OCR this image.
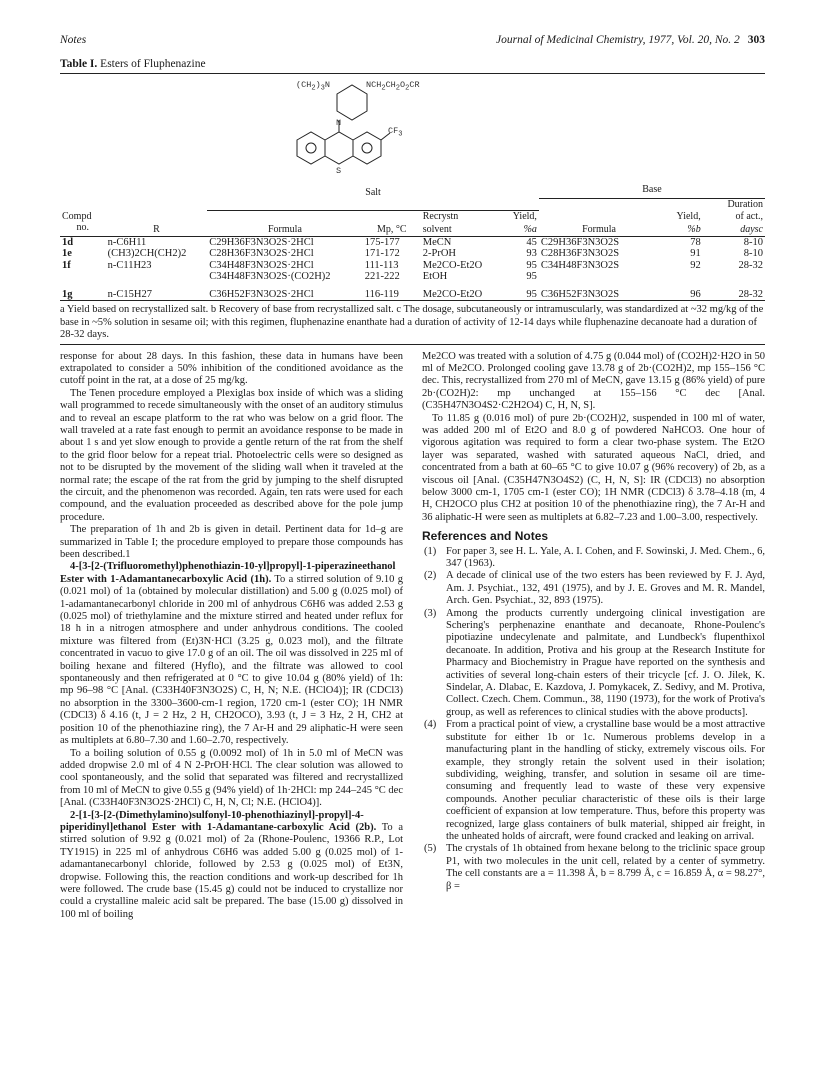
Notes	Journal of Medicinal Chemistry, 1977, Vol. 20, No. 2 303
Table I. Esters of Fluphenazine
$(CH_2)_3N$	$NCH_2CH_2O_2CR$
$CF_3$
N
S
		Salt				Base		
								Duration
Compd				Recrystn	Yield,		Yield,	of act.,
no.	R	Formula	Mp, °C	solvent	%a	Formula	%b	daysc
1d	n-C6H11	C29H36F3N3O2S·2HCl	175-177	MeCN	45	C29H36F3N3O2S	78	8-10
1e	(CH3)2CH(CH2)2	C28H36F3N3O2S·2HCl	171-172	2-PrOH	93	C28H36F3N3O2S	91	8-10
1f	n-C11H23	C34H48F3N3O2S·2HCl	111-113	Me2CO-Et2O	95	C34H48F3N3O2S	92	28-32
		C34H48F3N3O2S·(CO2H)2	221-222	EtOH	95			
1g	n-C15H27	C36H52F3N3O2S·2HCl	116-119	Me2CO-Et2O	95	C36H52F3N3O2S	96	28-32
a Yield based on recrystallized salt. b Recovery of base from recrystallized salt. c The dosage, subcutaneously or intramuscularly, was standardized at ~32 mg/kg of the base in ~5% solution in sesame oil; with this regimen, fluphenazine enanthate had a duration of activity of 12-14 days while fluphenazine decanoate had a duration of 28-32 days.

response for about 28 days. In this fashion, these data in humans have been extrapolated to consider a 50% inhibition of the conditioned avoidance as the cutoff point in the rat, at a dose of 25 mg/kg.

The Tenen procedure employed a Plexiglas box inside of which was a sliding wall programmed to recede simultaneously with the onset of an auditory stimulus and to reveal an escape platform to the rat who was below on a grid floor. The wall traveled at a rate fast enough to permit an avoidance response to be made in about 1 s and yet slow enough to provide a gentle return of the rat from the shelf to the grid floor below for a repeat trial. Photoelectric cells were so designed as not to be disrupted by the movement of the sliding wall when it traveled at the normal rate; the escape of the rat from the grid by jumping to the shelf disrupted the circuit, and the phenomenon was recorded. Again, ten rats were used for each compound, and the evaluation proceeded as described above for the pole jump procedure.

The preparation of 1h and 2b is given in detail. Pertinent data for 1d–g are summarized in Table I; the procedure employed to prepare those compounds has been described.1

4-[3-[2-(Trifluoromethyl)phenothiazin-10-yl]propyl]-1-piperazineethanol Ester with 1-Adamantanecarboxylic Acid (1h). To a stirred solution of 9.10 g (0.021 mol) of 1a (obtained by molecular distillation) and 5.00 g (0.025 mol) of 1-adamantanecarbonyl chloride in 200 ml of anhydrous C6H6 was added 2.53 g (0.025 mol) of triethylamine and the mixture stirred and heated under reflux for 18 h in a nitrogen atmosphere and under anhydrous conditions. The cooled mixture was filtered from (Et)3N·HCl (3.25 g, 0.023 mol), and the filtrate concentrated in vacuo to give 17.0 g of an oil. The oil was dissolved in 225 ml of boiling hexane and filtered (Hyflo), and the filtrate was allowed to cool spontaneously and then refrigerated at 0 °C to give 10.04 g (80% yield) of 1h: mp 96–98 °C [Anal. (C33H40F3N3O2S) C, H, N; N.E. (HClO4)]; IR (CDCl3) no absorption in the 3300–3600-cm-1 region, 1720 cm-1 (ester CO); 1H NMR (CDCl3) δ 4.16 (t, J = 2 Hz, 2 H, CH2OCO), 3.93 (t, J = 3 Hz, 2 H, CH2 at position 10 of the phenothiazine ring), the 7 Ar-H and 29 aliphatic-H were seen as multiplets at 6.80–7.30 and 1.60–2.70, respectively.

To a boiling solution of 0.55 g (0.0092 mol) of 1h in 5.0 ml of MeCN was added dropwise 2.0 ml of 4 N 2-PrOH·HCl. The clear solution was allowed to cool spontaneously, and the solid that separated was filtered and recrystallized from 10 ml of MeCN to give 0.55 g (94% yield) of 1h·2HCl: mp 244–245 °C dec [Anal. (C33H40F3N3O2S·2HCl) C, H, N, Cl; N.E. (HClO4)].

2-[1-[3-[2-(Dimethylamino)sulfonyl-10-phenothiazinyl]-propyl]-4-piperidinyl]ethanol Ester with 1-Adamantane-carboxylic Acid (2b). To a stirred solution of 9.92 g (0.021 mol) of 2a (Rhone-Poulenc, 19366 R.P., Lot TY1915) in 225 ml of anhydrous C6H6 was added 5.00 g (0.025 mol) of 1-adamantanecarbonyl chloride, followed by 2.53 g (0.025 mol) of Et3N, dropwise. Following this, the reaction conditions and work-up described for 1h were followed. The crude base (15.45 g) could not be induced to crystallize nor could a crystalline maleic acid salt be prepared. The base (15.00 g) dissolved in 100 ml of boiling

Me2CO was treated with a solution of 4.75 g (0.044 mol) of (CO2H)2·H2O in 50 ml of Me2CO. Prolonged cooling gave 13.78 g of 2b·(CO2H)2, mp 155–156 °C dec. This, recrystallized from 270 ml of MeCN, gave 13.15 g (86% yield) of pure 2b·(CO2H)2: mp unchanged at 155–156 °C dec [Anal. (C35H47N3O4S2·C2H2O4) C, H, N, S].

To 11.85 g (0.016 mol) of pure 2b·(CO2H)2, suspended in 100 ml of water, was added 200 ml of Et2O and 8.0 g of powdered NaHCO3. One hour of vigorous agitation was required to form a clear two-phase system. The Et2O layer was separated, washed with saturated aqueous NaCl, dried, and concentrated from a bath at 60–65 °C to give 10.07 g (96% recovery) of 2b, as a viscous oil [Anal. (C35H47N3O4S2) (C, H, N, S]: IR (CDCl3) no absorption below 3000 cm-1, 1705 cm-1 (ester CO); 1H NMR (CDCl3) δ 3.78–4.18 (m, 4 H, CH2OCO plus CH2 at position 10 of the phenothiazine ring), the 7 Ar-H and 36 aliphatic-H were seen as multiplets at 6.82–7.23 and 1.00–3.00, respectively.

References and Notes
(1) For paper 3, see H. L. Yale, A. I. Cohen, and F. Sowinski, J. Med. Chem., 6, 347 (1963).
(2) A decade of clinical use of the two esters has been reviewed by F. J. Ayd, Am. J. Psychiat., 132, 491 (1975), and by J. E. Groves and M. R. Mandel, Arch. Gen. Psychiat., 32, 893 (1975).
(3) Among the products currently undergoing clinical investigation are Schering's perphenazine enanthate and decanoate, Rhone-Poulenc's pipotiazine undecylenate and palmitate, and Lundbeck's flupenthixol decanoate. In addition, Protiva and his group at the Research Institute for Pharmacy and Biochemistry in Prague have reported on the synthesis and activities of several long-chain esters of their tricycle [cf. J. O. Jilek, K. Sindelar, A. Dlabac, E. Kazdova, J. Pomykacek, Z. Sedivy, and M. Protiva, Collect. Czech. Chem. Commun., 38, 1190 (1973), for the work of Protiva's group, as well as references to clinical studies with the above products].
(4) From a practical point of view, a crystalline base would be a most attractive substitute for either 1b or 1c. Numerous problems develop in a manufacturing plant in the handling of sticky, extremely viscous oils. For example, they strongly retain the solvent used in their isolation; subdividing, weighing, transfer, and solution in sesame oil are time-consuming and frequently lead to waste of these very expensive compounds. Another peculiar characteristic of these oils is their large coefficient of expansion at low temperature. Thus, before this property was recognized, large glass containers of bulk material, shipped air freight, in the unheated holds of aircraft, were found cracked and leaking on arrival.
(5) The crystals of 1h obtained from hexane belong to the triclinic space group P1, with two molecules in the unit cell, related by a center of symmetry. The cell constants are a = 11.398 Å, b = 8.799 Å, c = 16.859 Å, α = 98.27°, β =
